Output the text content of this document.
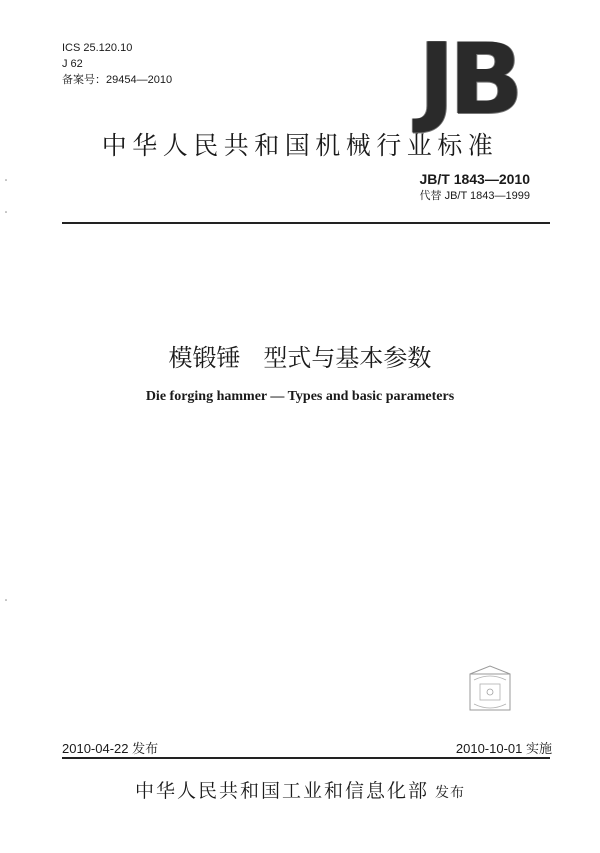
ICS 25.120.10
J 62
备案号：29454—2010	JB
中华人民共和国机械行业标准
JB/T 1843—2010
代替 JB/T 1843—1999
模锻锤   型式与基本参数
Die forging hammer — Types and basic parameters
2010-04-22 发布	2010-10-01 实施
中华人民共和国工业和信息化部 发布
